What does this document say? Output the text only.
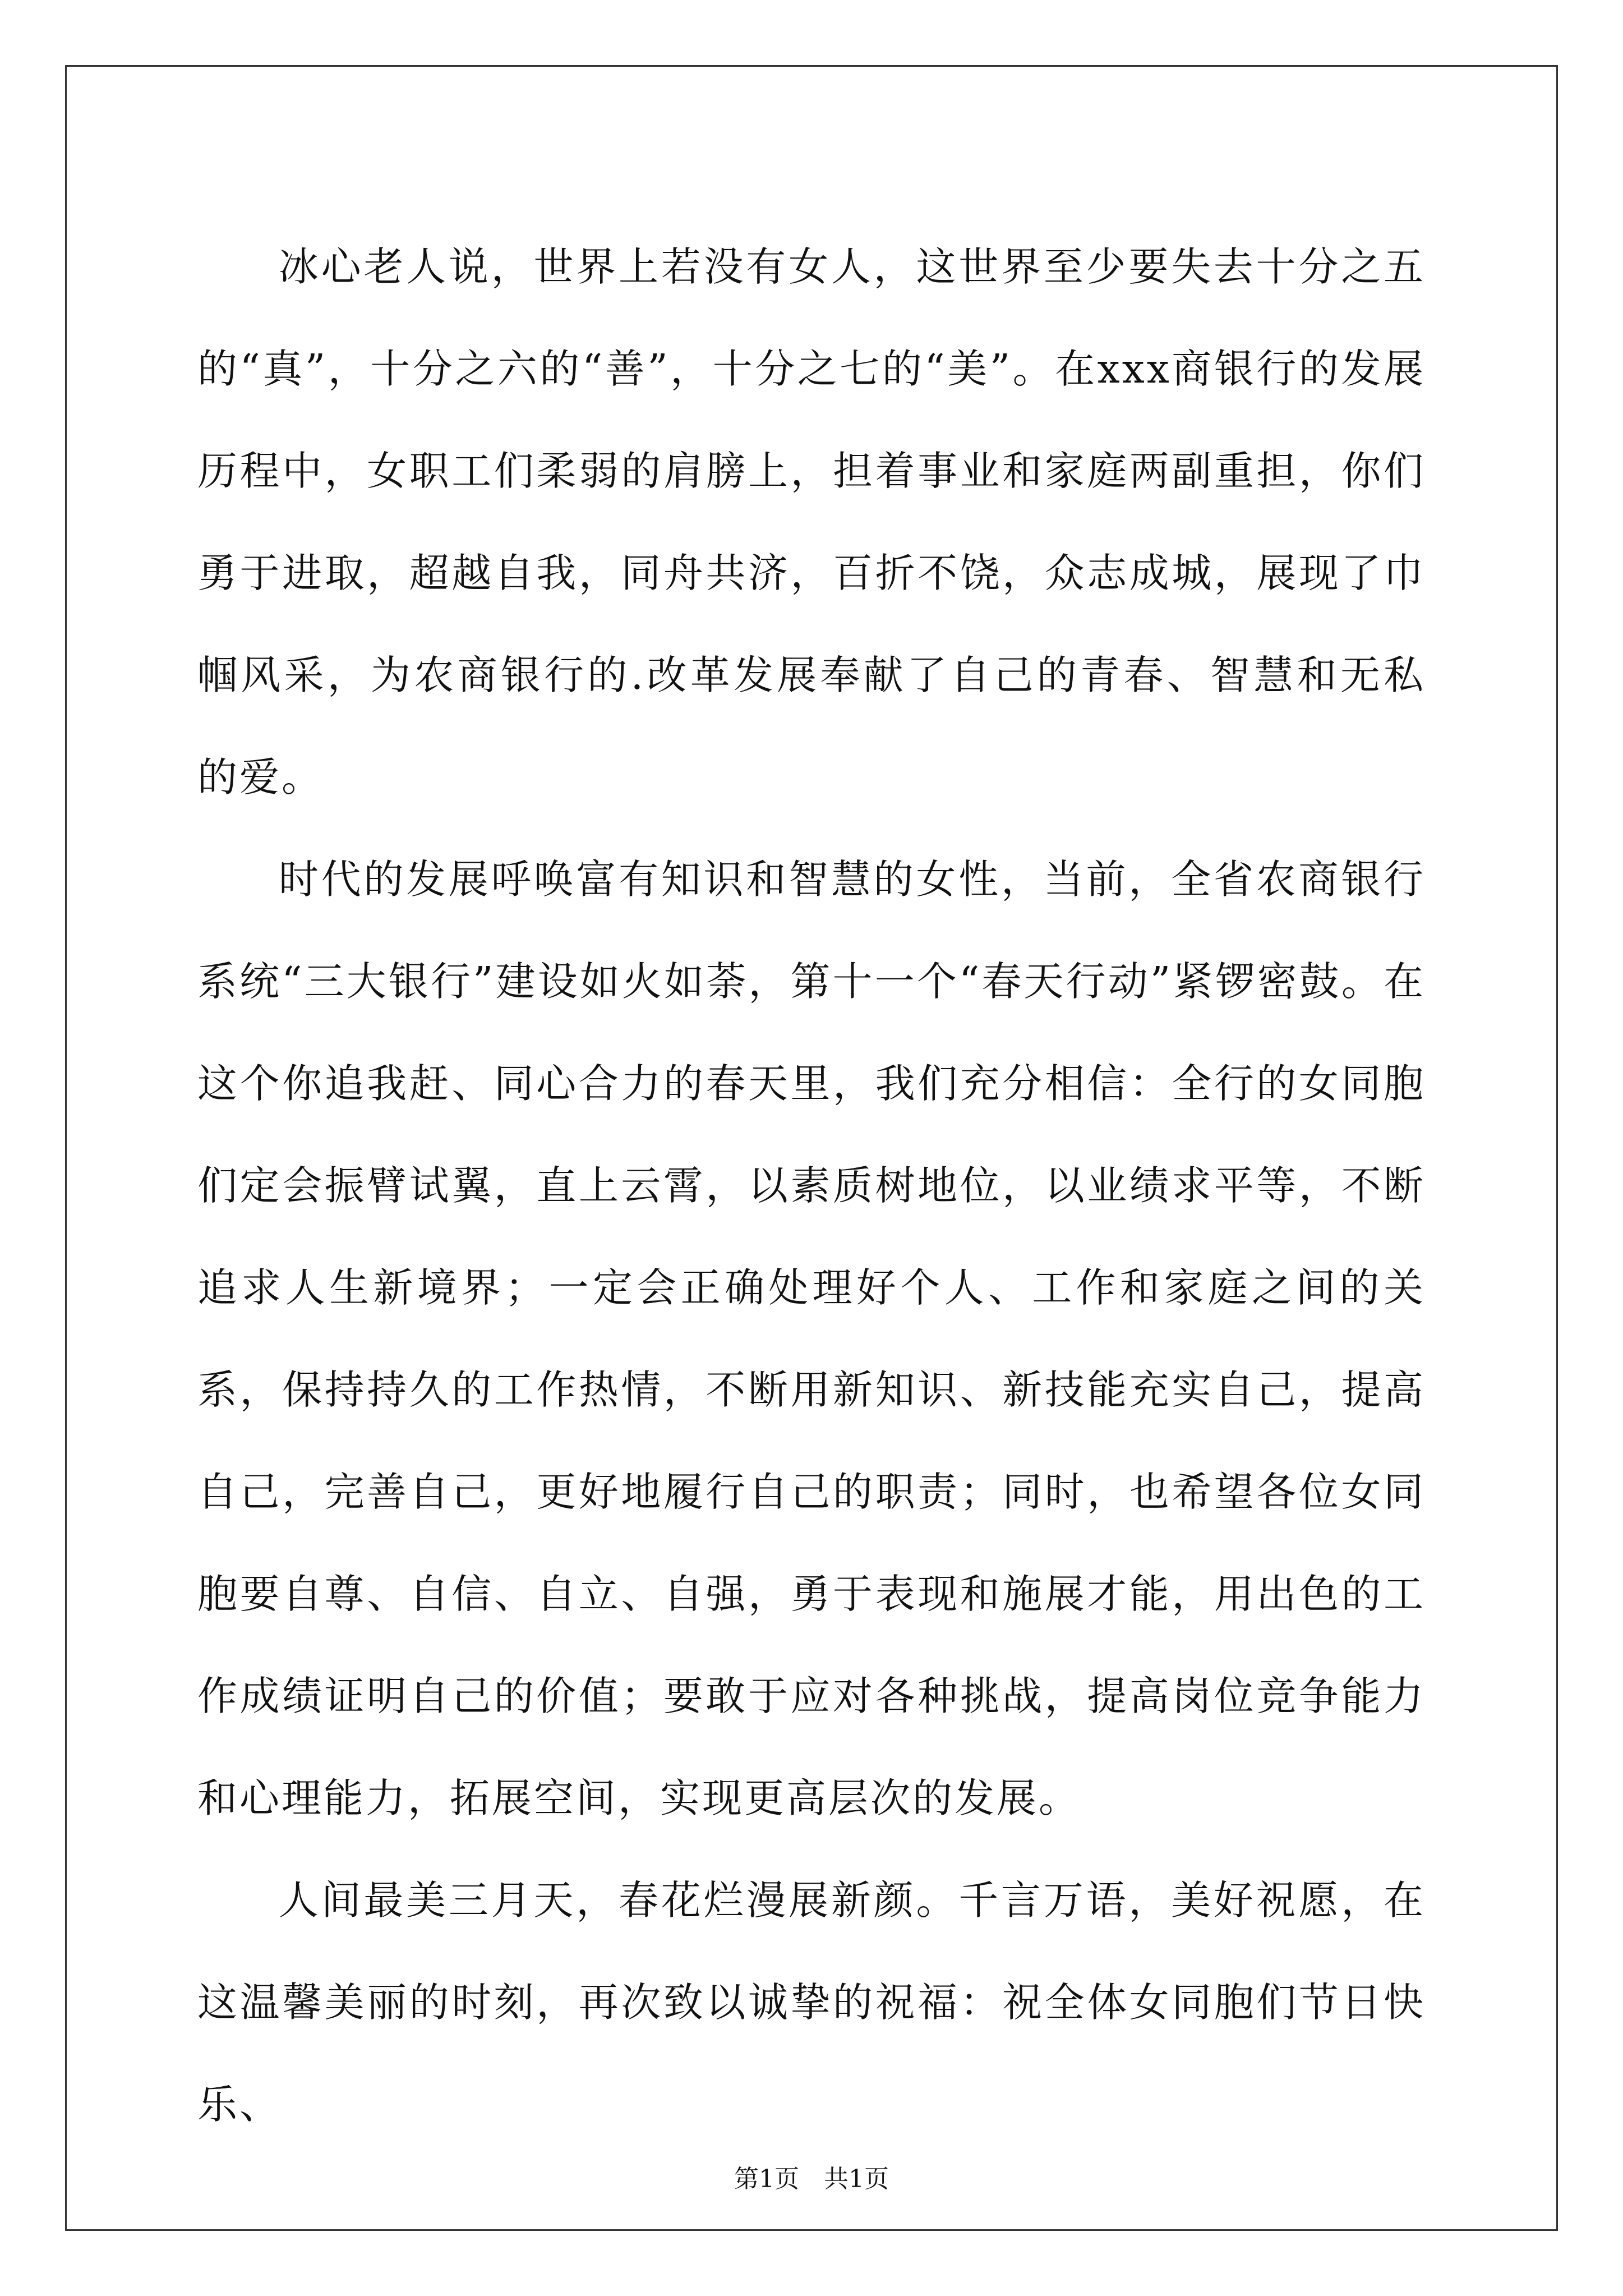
冰心老人说，世界上若没有女人，这世界至少要失去十分之五的“真”，十分之六的“善”，十分之七的“美”。在xxx商银行的发展历程中，女职工们柔弱的肩膀上，担着事业和家庭两副重担，你们勇于进取，超越自我，同舟共济，百折不饶，众志成城，展现了巾帼风采，为农商银行的.改革发展奉献了自己的青春、智慧和无私的爱。

时代的发展呼唤富有知识和智慧的女性，当前，全省农商银行系统“三大银行”建设如火如荼，第十一个“春天行动”紧锣密鼓。在这个你追我赶、同心合力的春天里，我们充分相信：全行的女同胞们定会振臂试翼，直上云霄，以素质树地位，以业绩求平等，不断追求人生新境界；一定会正确处理好个人、工作和家庭之间的关系，保持持久的工作热情，不断用新知识、新技能充实自己，提高自己，完善自己，更好地履行自己的职责；同时，也希望各位女同胞要自尊、自信、自立、自强，勇于表现和施展才能，用出色的工作成绩证明自己的价值；要敢于应对各种挑战，提高岗位竞争能力和心理能力，拓展空间，实现更高层次的发展。

人间最美三月天，春花烂漫展新颜。千言万语，美好祝愿，在这温馨美丽的时刻，再次致以诚挚的祝福：祝全体女同胞们节日快乐、

第1页 共1页
